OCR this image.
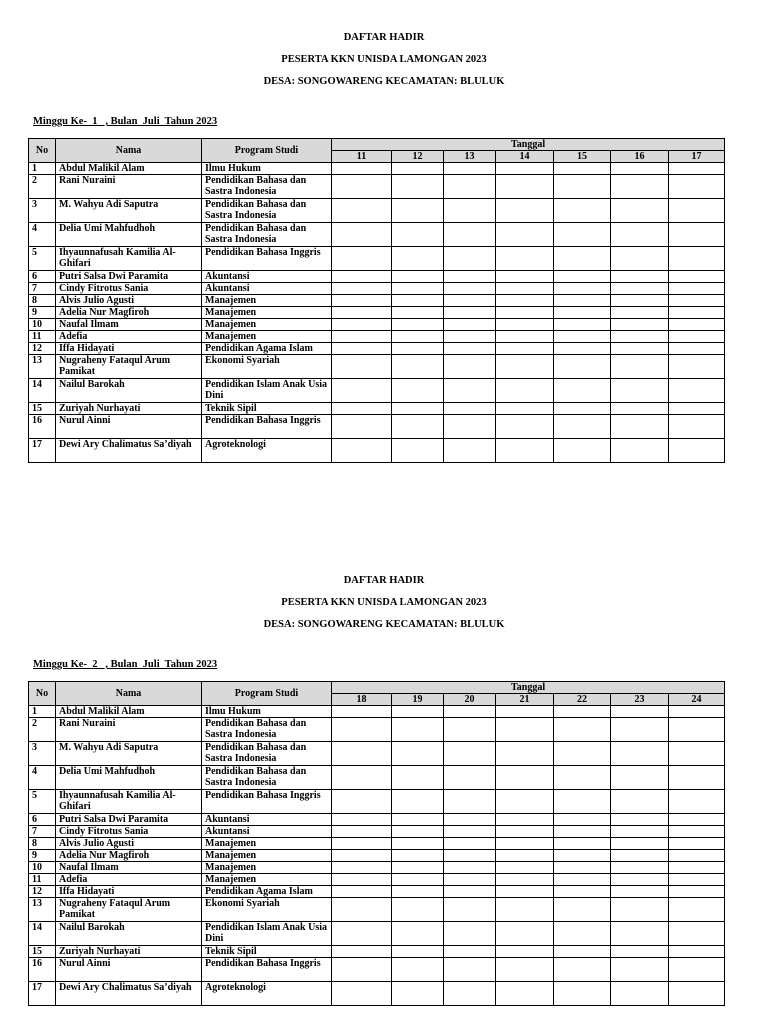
DAFTAR HADIR
PESERTA KKN UNISDA LAMONGAN 2023
DESA: SONGOWARENG KECAMATAN: BLULUK
Minggu Ke-  1   , Bulan  Juli  Tahun 2023
No	Nama	Program Studi	Tanggal						
			11	12	13	14	15	16	17
1	Abdul Malikil Alam	Ilmu Hukum							
2	Rani Nuraini	Pendidikan Bahasa dan Sastra Indonesia							
3	M. Wahyu Adi Saputra	Pendidikan Bahasa dan Sastra Indonesia							
4	Delia Umi Mahfudhoh	Pendidikan Bahasa dan Sastra Indonesia							
5	Ihyaunnafusah Kamilia Al-Ghifari	Pendidikan Bahasa Inggris							
6	Putri Salsa Dwi Paramita	Akuntansi							
7	Cindy Fitrotus Sania	Akuntansi							
8	Alvis Julio Agusti	Manajemen							
9	Adelia Nur Magfiroh	Manajemen							
10	Naufal Ilmam	Manajemen							
11	Adefia	Manajemen							
12	Iffa Hidayati	Pendidikan Agama Islam							
13	Nugraheny Fataqul Arum Pamikat	Ekonomi Syariah							
14	Nailul Barokah	Pendidikan Islam Anak Usia Dini							
15	Zuriyah Nurhayati	Teknik Sipil							
16	Nurul Ainni	Pendidikan Bahasa Inggris							
17	Dewi Ary Chalimatus Sa’diyah	Agroteknologi							
DAFTAR HADIR
PESERTA KKN UNISDA LAMONGAN 2023
DESA: SONGOWARENG KECAMATAN: BLULUK
Minggu Ke-  2   , Bulan  Juli  Tahun 2023
No	Nama	Program Studi	Tanggal						
			18	19	20	21	22	23	24
1	Abdul Malikil Alam	Ilmu Hukum							
2	Rani Nuraini	Pendidikan Bahasa dan Sastra Indonesia							
3	M. Wahyu Adi Saputra	Pendidikan Bahasa dan Sastra Indonesia							
4	Delia Umi Mahfudhoh	Pendidikan Bahasa dan Sastra Indonesia							
5	Ihyaunnafusah Kamilia Al-Ghifari	Pendidikan Bahasa Inggris							
6	Putri Salsa Dwi Paramita	Akuntansi							
7	Cindy Fitrotus Sania	Akuntansi							
8	Alvis Julio Agusti	Manajemen							
9	Adelia Nur Magfiroh	Manajemen							
10	Naufal Ilmam	Manajemen							
11	Adefia	Manajemen							
12	Iffa Hidayati	Pendidikan Agama Islam							
13	Nugraheny Fataqul Arum Pamikat	Ekonomi Syariah							
14	Nailul Barokah	Pendidikan Islam Anak Usia Dini							
15	Zuriyah Nurhayati	Teknik Sipil							
16	Nurul Ainni	Pendidikan Bahasa Inggris							
17	Dewi Ary Chalimatus Sa’diyah	Agroteknologi							
